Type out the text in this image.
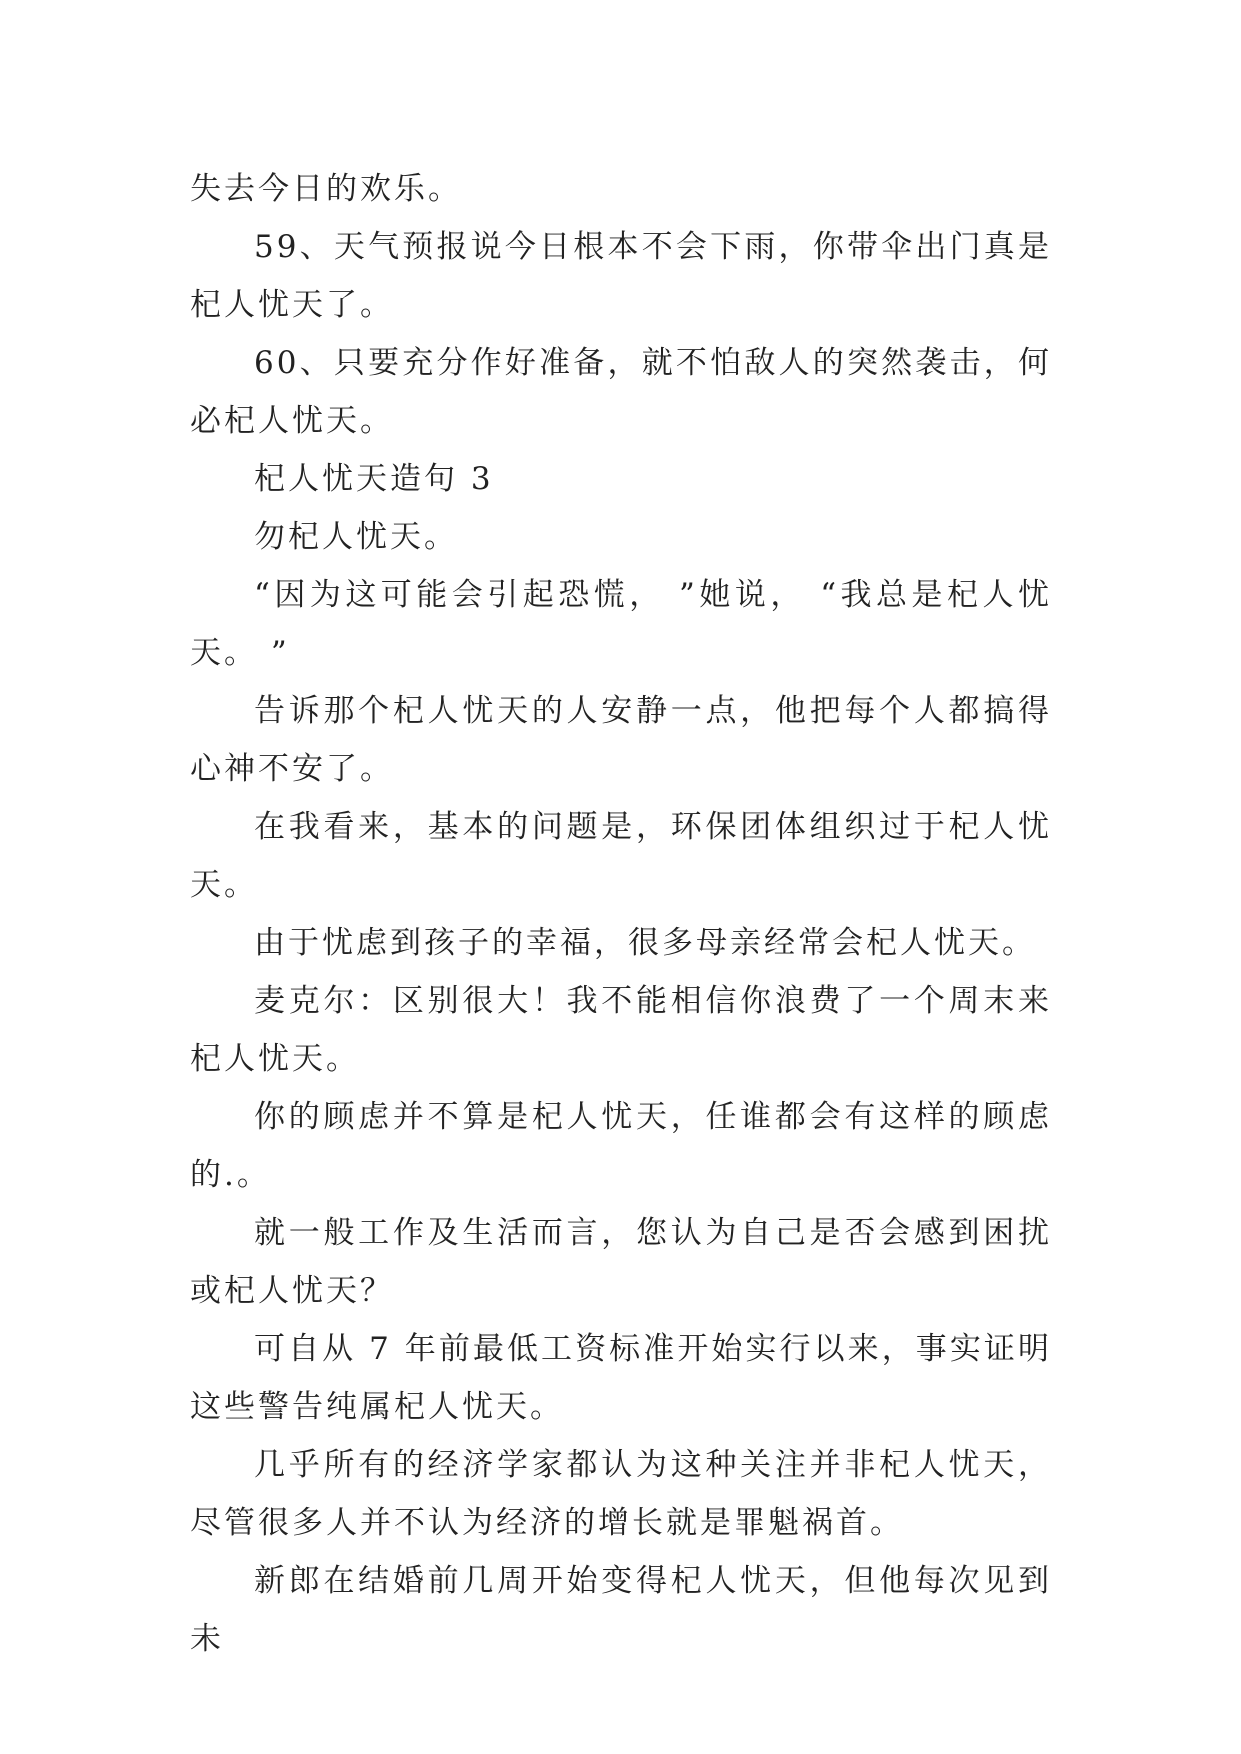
失去今日的欢乐。

59、天气预报说今日根本不会下雨，你带伞出门真是杞人忧天了。

60、只要充分作好准备，就不怕敌人的突然袭击，何必杞人忧天。

杞人忧天造句 3

勿杞人忧天。

“因为这可能会引起恐慌， ”她说， “我总是杞人忧天。 ”

告诉那个杞人忧天的人安静一点，他把每个人都搞得心神不安了。

在我看来，基本的问题是，环保团体组织过于杞人忧天。

由于忧虑到孩子的幸福，很多母亲经常会杞人忧天。

麦克尔：区别很大！我不能相信你浪费了一个周末来杞人忧天。

你的顾虑并不算是杞人忧天，任谁都会有这样的顾虑的.。

就一般工作及生活而言，您认为自己是否会感到困扰或杞人忧天？

可自从 7 年前最低工资标准开始实行以来，事实证明这些警告纯属杞人忧天。

几乎所有的经济学家都认为这种关注并非杞人忧天，尽管很多人并不认为经济的增长就是罪魁祸首。

新郎在结婚前几周开始变得杞人忧天，但他每次见到未
